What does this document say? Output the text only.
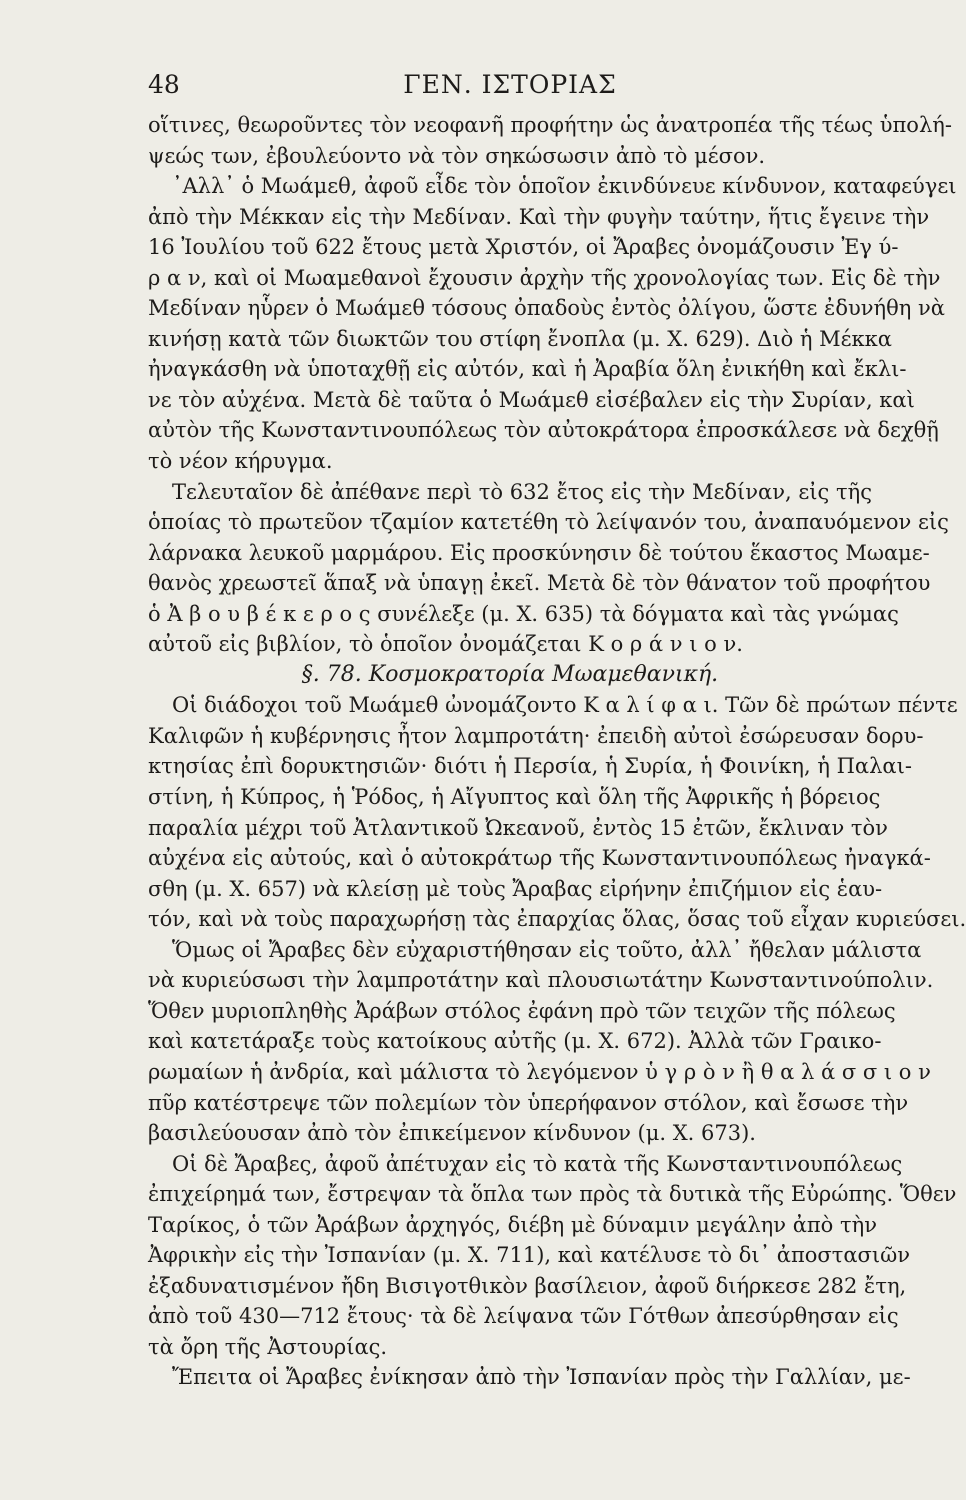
48	ΓΕΝ. ΙΣΤΟΡΙΑΣ
οἵτινες, θεωροῦντες τὸν νεοφανῆ προφήτην ὡς ἀνατροπέα τῆς τέως ὑπολή-
ψεώς των, ἐβουλεύοντο νὰ τὸν σηκώσωσιν ἀπὸ τὸ μέσον.
᾿Αλλ᾿ ὁ Μωάμεθ, ἀφοῦ εἶδε τὸν ὁποῖον ἐκινδύνευε κίνδυνον, καταφεύγει
ἀπὸ τὴν Μέκκαν εἰς τὴν Μεδίναν. Καὶ τὴν φυγὴν ταύτην, ἥτις ἔγεινε τὴν
16 Ἰουλίου τοῦ 622 ἔτους μετὰ Χριστόν, οἱ Ἄραβες ὀνομάζουσιν Ἐγ ύ-
ρ α ν, καὶ οἱ Μωαμεθανοὶ ἔχουσιν ἀρχὴν τῆς χρονολογίας των. Εἰς δὲ τὴν
Μεδίναν ηὗρεν ὁ Μωάμεθ τόσους ὀπαδοὺς ἐντὸς ὀλίγου, ὥστε ἐδυνήθη νὰ
κινήσῃ κατὰ τῶν διωκτῶν του στίφη ἔνοπλα (μ. Χ. 629). Διὸ ἡ Μέκκα
ἠναγκάσθη νὰ ὑποταχθῇ εἰς αὐτόν, καὶ ἡ Ἀραβία ὅλη ἐνικήθη καὶ ἔκλι-
νε τὸν αὐχένα. Μετὰ δὲ ταῦτα ὁ Μωάμεθ εἰσέβαλεν εἰς τὴν Συρίαν, καὶ
αὐτὸν τῆς Κωνσταντινουπόλεως τὸν αὐτοκράτορα ἐπροσκάλεσε νὰ δεχθῇ
τὸ νέον κήρυγμα.
Τελευταῖον δὲ ἀπέθανε περὶ τὸ 632 ἔτος εἰς τὴν Μεδίναν, εἰς τῆς
ὁποίας τὸ πρωτεῦον τζαμίον κατετέθη τὸ λείψανόν του, ἀναπαυόμενον εἰς
λάρνακα λευκοῦ μαρμάρου. Εἰς προσκύνησιν δὲ τούτου ἕκαστος Μωαμε-
θανὸς χρεωστεῖ ἅπαξ νὰ ὑπαγῃ ἐκεῖ. Μετὰ δὲ τὸν θάνατον τοῦ προφήτου
ὁ Ἀ β ο υ β έ κ ε ρ ο ς συνέλεξε (μ. Χ. 635) τὰ δόγματα καὶ τὰς γνώμας
αὐτοῦ εἰς βιβλίον, τὸ ὁποῖον ὀνομάζεται Κ ο ρ ά ν ι ο ν.
§. 78. Κοσμοκρατορία Μωαμεθανική.
Οἱ διάδοχοι τοῦ Μωάμεθ ὠνομάζοντο Κ α λ ί φ α ι. Τῶν δὲ πρώτων πέντε
Καλιφῶν ἡ κυβέρνησις ἦτον λαμπροτάτη· ἐπειδὴ αὐτοὶ ἐσώρευσαν δορυ-
κτησίας ἐπὶ δορυκτησιῶν· διότι ἡ Περσία, ἡ Συρία, ἡ Φοινίκη, ἡ Παλαι-
στίνη, ἡ Κύπρος, ἡ Ῥόδος, ἡ Αἴγυπτος καὶ ὅλη τῆς Ἀφρικῆς ἡ βόρειος
παραλία μέχρι τοῦ Ἀτλαντικοῦ Ὠκεανοῦ, ἐντὸς 15 ἐτῶν, ἔκλιναν τὸν
αὐχένα εἰς αὐτούς, καὶ ὁ αὐτοκράτωρ τῆς Κωνσταντινουπόλεως ἠναγκά-
σθη (μ. Χ. 657) νὰ κλείσῃ μὲ τοὺς Ἄραβας εἰρήνην ἐπιζήμιον εἰς ἑαυ-
τόν, καὶ νὰ τοὺς παραχωρήσῃ τὰς ἐπαρχίας ὅλας, ὅσας τοῦ εἶχαν κυριεύσει.
Ὅμως οἱ Ἄραβες δὲν εὐχαριστήθησαν εἰς τοῦτο, ἀλλ᾿ ἤθελαν μάλιστα
νὰ κυριεύσωσι τὴν λαμπροτάτην καὶ πλουσιωτάτην Κωνσταντινούπολιν.
Ὅθεν μυριοπληθὴς Ἀράβων στόλος ἐφάνη πρὸ τῶν τειχῶν τῆς πόλεως
καὶ κατετάραξε τοὺς κατοίκους αὐτῆς (μ. Χ. 672). Ἀλλὰ τῶν Γραικο-
ρωμαίων ἡ ἀνδρία, καὶ μάλιστα τὸ λεγόμενον ὑ γ ρ ὸ ν ἢ θ α λ ά σ σ ι ο ν
πῦρ κατέστρεψε τῶν πολεμίων τὸν ὑπερήφανον στόλον, καὶ ἔσωσε τὴν
βασιλεύουσαν ἀπὸ τὸν ἐπικείμενον κίνδυνον (μ. Χ. 673).
Οἱ δὲ Ἄραβες, ἀφοῦ ἀπέτυχαν εἰς τὸ κατὰ τῆς Κωνσταντινουπόλεως
ἐπιχείρημά των, ἔστρεψαν τὰ ὅπλα των πρὸς τὰ δυτικὰ τῆς Εὐρώπης. Ὅθεν
Ταρίκος, ὁ τῶν Ἀράβων ἀρχηγός, διέβη μὲ δύναμιν μεγάλην ἀπὸ τὴν
Ἀφρικὴν εἰς τὴν Ἰσπανίαν (μ. Χ. 711), καὶ κατέλυσε τὸ δι᾿ ἀποστασιῶν
ἐξαδυνατισμένον ἤδη Βισιγοτθικὸν βασίλειον, ἀφοῦ διήρκεσε 282 ἔτη,
ἀπὸ τοῦ 430—712 ἔτους· τὰ δὲ λείψανα τῶν Γότθων ἀπεσύρθησαν εἰς
τὰ ὄρη τῆς Ἀστουρίας.
Ἔπειτα οἱ Ἄραβες ἐνίκησαν ἀπὸ τὴν Ἰσπανίαν πρὸς τὴν Γαλλίαν, με-
